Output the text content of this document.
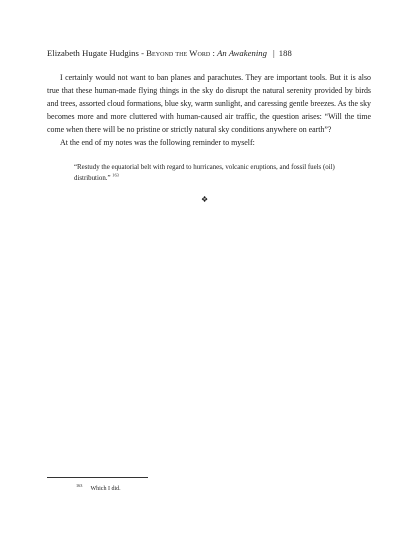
Elizabeth Hugate Hudgins - Beyond the Word : An Awakening | 188

I certainly would not want to ban planes and parachutes. They are important tools. But it is also true that these human-made flying things in the sky do disrupt the natural serenity provided by birds and trees, assorted cloud formations, blue sky, warm sunlight, and caressing gentle breezes. As the sky becomes more and more cluttered with human-caused air traffic, the question arises: “Will the time come when there will be no pristine or strictly natural sky conditions anywhere on earth”?

At the end of my notes was the following reminder to myself:

“Restudy the equatorial belt with regard to hurricanes, volcanic eruptions, and fossil fuels (oil) distribution.” $^{163}$
❖
$^{163}$Which I did.
